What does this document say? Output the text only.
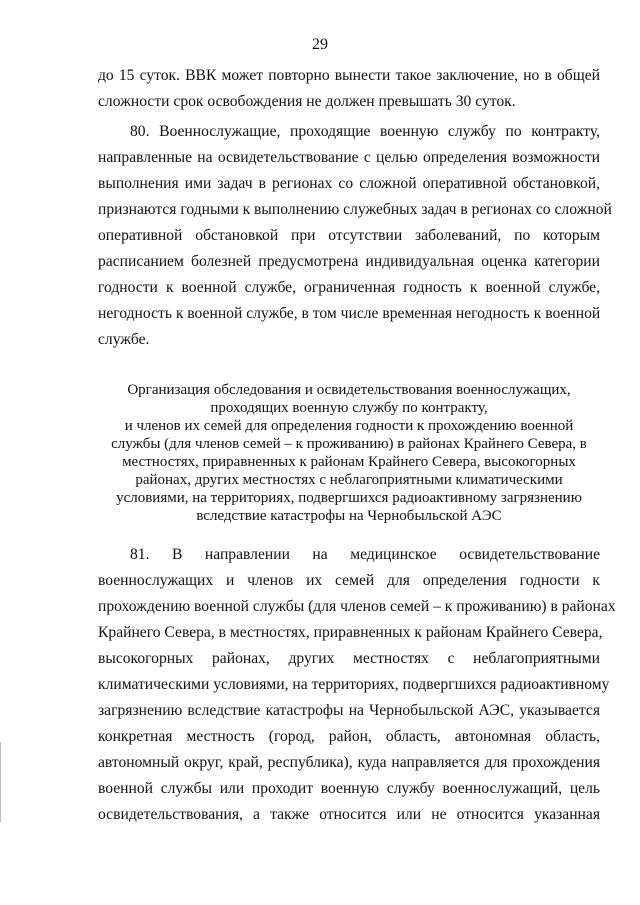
29
до 15 суток. ВВК может повторно вынести такое заключение, но в общей
сложности срок освобождения не должен превышать 30 суток.
80. Военнослужащие, проходящие военную службу по контракту,
направленные на освидетельствование с целью определения возможности
выполнения ими задач в регионах со сложной оперативной обстановкой,
признаются годными к выполнению служебных задач в регионах со сложной
оперативной обстановкой при отсутствии заболеваний, по которым
расписанием болезней предусмотрена индивидуальная оценка категории
годности к военной службе, ограниченная годность к военной службе,
негодность к военной службе, в том числе временная негодность к военной
службе.
Организация обследования и освидетельствования военнослужащих,
проходящих военную службу по контракту,
и членов их семей для определения годности к прохождению военной
службы (для членов семей – к проживанию) в районах Крайнего Севера, в
местностях, приравненных к районам Крайнего Севера, высокогорных
районах, других местностях с неблагоприятными климатическими
условиями, на территориях, подвергшихся радиоактивному загрязнению
вследствие катастрофы на Чернобыльской АЭС
81. В направлении на медицинское освидетельствование
военнослужащих и членов их семей для определения годности к
прохождению военной службы (для членов семей – к проживанию) в районах
Крайнего Севера, в местностях, приравненных к районам Крайнего Севера,
высокогорных районах, других местностях с неблагоприятными
климатическими условиями, на территориях, подвергшихся радиоактивному
загрязнению вследствие катастрофы на Чернобыльской АЭС, указывается
конкретная местность (город, район, область, автономная область,
автономный округ, край, республика), куда направляется для прохождения
военной службы или проходит военную службу военнослужащий, цель
освидетельствования, а также относится или не относится указанная
